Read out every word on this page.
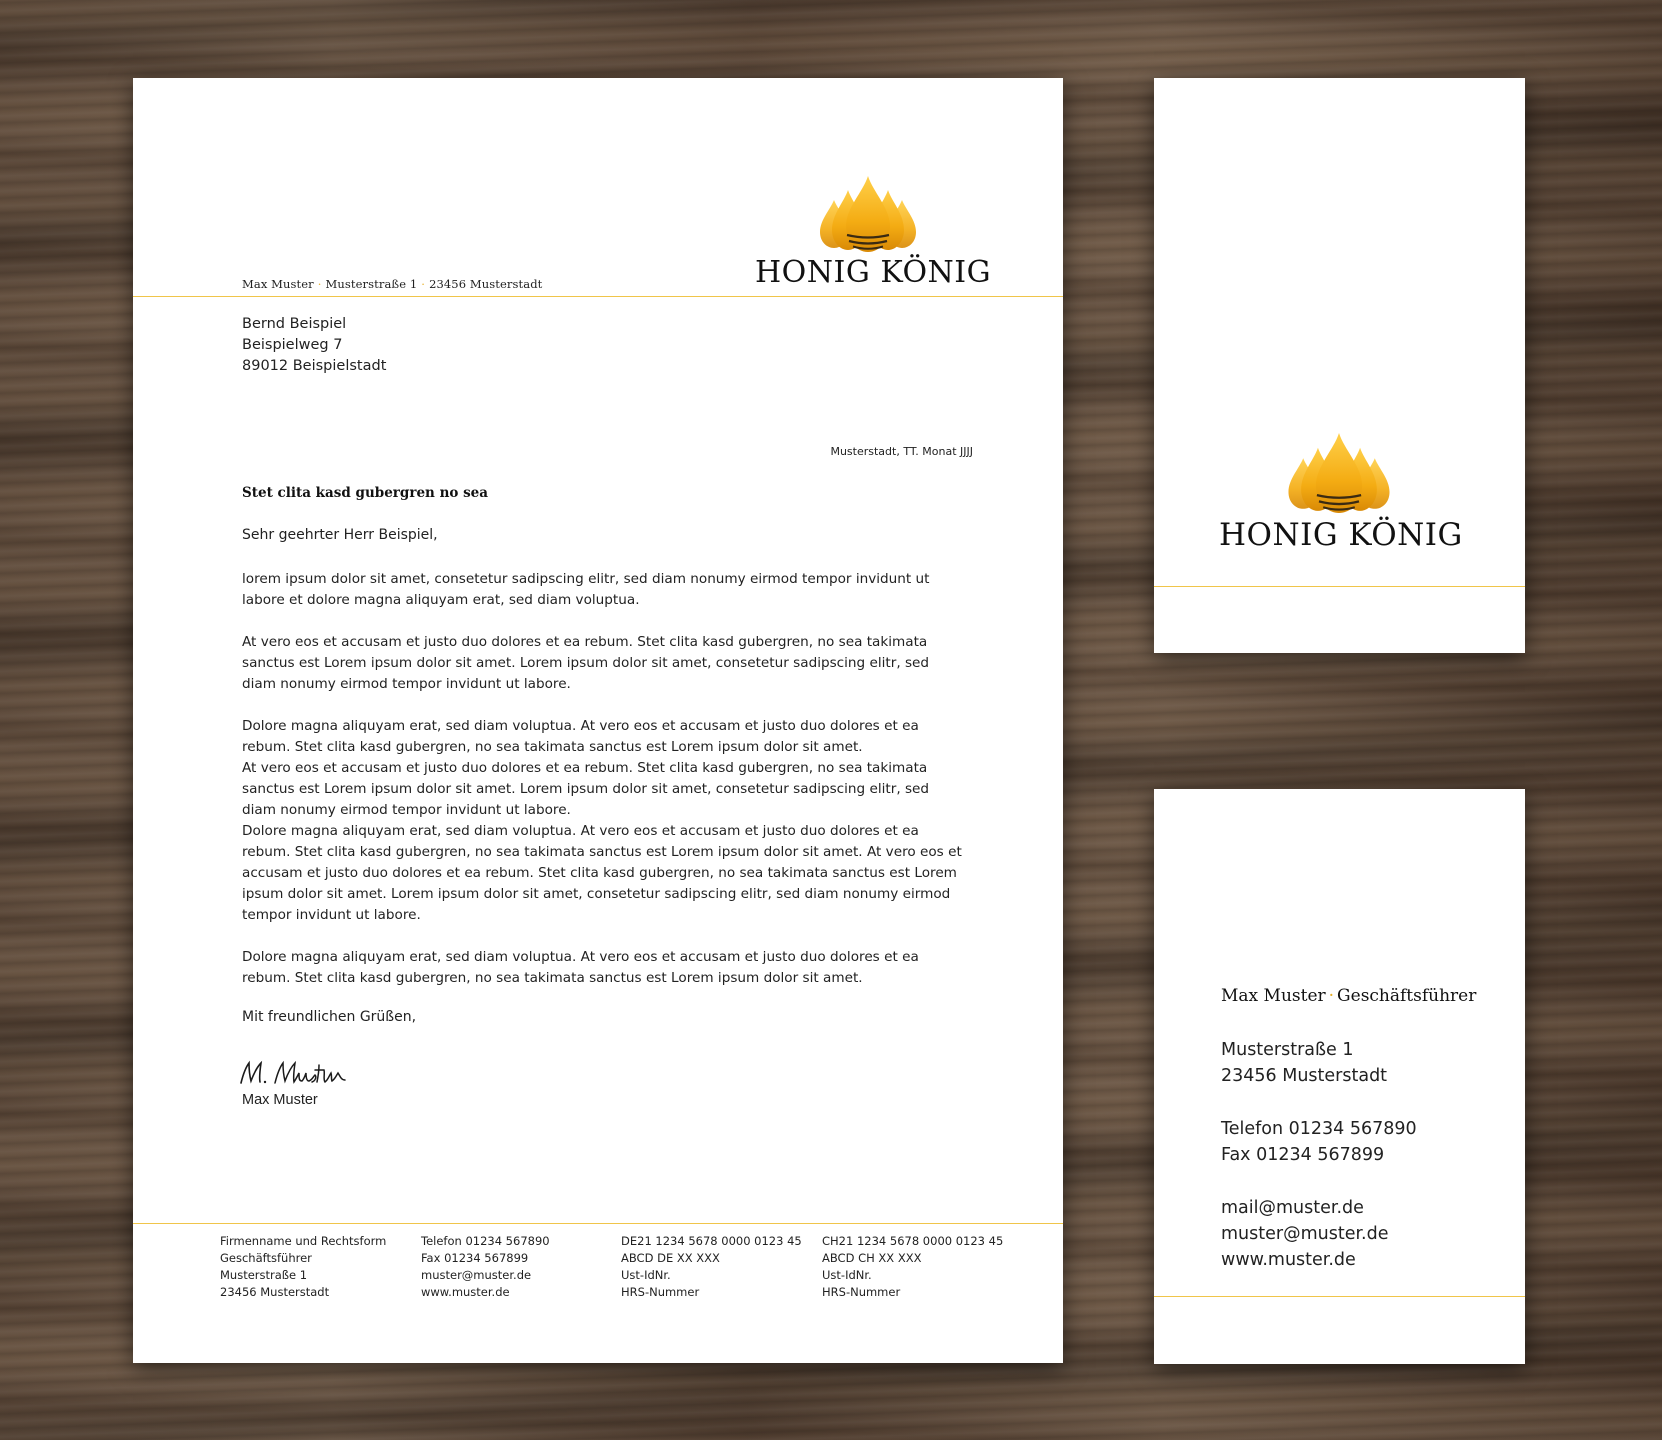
HONIG KÖNIG
Max Muster · Musterstraße 1 · 23456 Musterstadt
Bernd Beispiel
Beispielweg 7
89012 Beispielstadt
Musterstadt, TT. Monat JJJJ
Stet clita kasd gubergren no sea
Sehr geehrter Herr Beispiel,

lorem ipsum dolor sit amet, consetetur sadipscing elitr, sed diam nonumy eirmod tempor invidunt ut labore et dolore magna aliquyam erat, sed diam voluptua.

At vero eos et accusam et justo duo dolores et ea rebum. Stet clita kasd gubergren, no sea takimata sanctus est Lorem ipsum dolor sit amet. Lorem ipsum dolor sit amet, consetetur sadipscing elitr, sed diam nonumy eirmod tempor invidunt ut labore.

Dolore magna aliquyam erat, sed diam voluptua. At vero eos et accusam et justo duo dolores et ea rebum. Stet clita kasd gubergren, no sea takimata sanctus est Lorem ipsum dolor sit amet.

At vero eos et accusam et justo duo dolores et ea rebum. Stet clita kasd gubergren, no sea takimata sanctus est Lorem ipsum dolor sit amet. Lorem ipsum dolor sit amet, consetetur sadipscing elitr, sed diam nonumy eirmod tempor invidunt ut labore.

Dolore magna aliquyam erat, sed diam voluptua. At vero eos et accusam et justo duo dolores et ea rebum. Stet clita kasd gubergren, no sea takimata sanctus est Lorem ipsum dolor sit amet. At vero eos et accusam et justo duo dolores et ea rebum. Stet clita kasd gubergren, no sea takimata sanctus est Lorem ipsum dolor sit amet. Lorem ipsum dolor sit amet, consetetur sadipscing elitr, sed diam nonumy eirmod tempor invidunt ut labore.

Dolore magna aliquyam erat, sed diam voluptua. At vero eos et accusam et justo duo dolores et ea rebum. Stet clita kasd gubergren, no sea takimata sanctus est Lorem ipsum dolor sit amet.

Mit freundlichen Grüßen,
Max Muster
Firmenname und Rechtsform
Geschäftsführer
Musterstraße 1
23456 Musterstadt
Telefon 01234 567890
Fax 01234 567899
muster@muster.de
www.muster.de
DE21 1234 5678 0000 0123 45
ABCD DE XX XXX
Ust-IdNr.
HRS-Nummer
CH21 1234 5678 0000 0123 45
ABCD CH XX XXX
Ust-IdNr.
HRS-Nummer
HONIG KÖNIG
Max Muster · Geschäftsführer
Musterstraße 1
23456 Musterstadt
Telefon 01234 567890
Fax 01234 567899
mail@muster.de
muster@muster.de
www.muster.de
